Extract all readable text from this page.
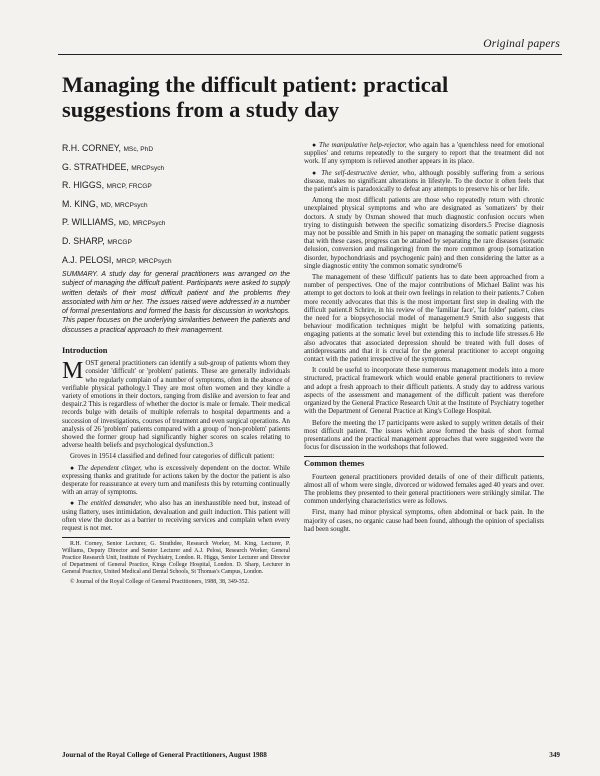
Original papers
Managing the difficult patient: practical suggestions from a study day
R.H. CORNEY, MSc, PhD
G. STRATHDEE, MRCPsych
R. HIGGS, MRCP, FRCGP
M. KING, MD, MRCPsych
P. WILLIAMS, MD, MRCPsych
D. SHARP, MRCGP
A.J. PELOSI, MRCP, MRCPsych

SUMMARY. A study day for general practitioners was arranged on the subject of managing the difficult patient. Participants were asked to supply written details of their most difficult patient and the problems they associated with him or her. The issues raised were addressed in a number of formal presentations and formed the basis for discussion in workshops. This paper focuses on the underlying similarities between the patients and discusses a practical approach to their management.

Introduction

MOST general practitioners can identify a sub-group of patients whom they consider 'difficult' or 'problem' patients. These are generally individuals who regularly complain of a number of symptoms, often in the absence of verifiable physical pathology.1 They are most often women and they kindle a variety of emotions in their doctors, ranging from dislike and aversion to fear and despair.2 This is regardless of whether the doctor is male or female. Their medical records bulge with details of multiple referrals to hospital departments and a succession of investigations, courses of treatment and even surgical operations. An analysis of 26 'problem' patients compared with a group of 'non-problem' patients showed the former group had significantly higher scores on scales relating to adverse health beliefs and psychological dysfunction.3

Groves in 19514 classified and defined four categories of difficult patient:

● The dependent clinger, who is excessively dependent on the doctor. While expressing thanks and gratitude for actions taken by the doctor the patient is also desperate for reassurance at every turn and manifests this by returning continually with an array of symptoms.

● The entitled demander, who also has an inexhaustible need but, instead of using flattery, uses intimidation, devaluation and guilt induction. This patient will often view the doctor as a barrier to receiving services and complain when every request is not met.

R.H. Corney, Senior Lecturer, G. Strathdee, Research Worker, M. King, Lecturer, P. Williams, Deputy Director and Senior Lecturer and A.J. Pelosi, Research Worker, General Practice Research Unit, Institute of Psychiatry, London. R. Higgs, Senior Lecturer and Director of Department of General Practice, Kings College Hospital, London. D. Sharp, Lecturer in General Practice, United Medical and Dental Schools, St Thomas's Campus, London.

© Journal of the Royal College of General Practitioners, 1988, 38, 349-352.

● The manipulative help-rejector, who again has a 'quenchless need for emotional supplies' and returns repeatedly to the surgery to report that the treatment did not work. If any symptom is relieved another appears in its place.

● The self-destructive denier, who, although possibly suffering from a serious disease, makes no significant alterations in lifestyle. To the doctor it often feels that the patient's aim is paradoxically to defeat any attempts to preserve his or her life.

Among the most difficult patients are those who repeatedly return with chronic unexplained physical symptoms and who are designated as 'somatizers' by their doctors. A study by Oxman showed that much diagnostic confusion occurs when trying to distinguish between the specific somatizing disorders.5 Precise diagnosis may not be possible and Smith in his paper on managing the somatic patient suggests that with these cases, progress can be attained by separating the rare diseases (somatic delusion, conversion and malingering) from the more common group (somatization disorder, hypochondriasis and psychogenic pain) and then considering the latter as a single diagnostic entity 'the common somatic syndrome'6

The management of these 'difficult' patients has to date been approached from a number of perspectives. One of the major contributions of Michael Balint was his attempt to get doctors to look at their own feelings in relation to their patients.7 Cohen more recently advocates that this is the most important first step in dealing with the difficult patient.8 Schrire, in his review of the 'familiar face', 'fat folder' patient, cites the need for a biopsychosocial model of management.9 Smith also suggests that behaviour modification techniques might be helpful with somatizing patients, engaging patients at the somatic level but extending this to include life stresses.6 He also advocates that associated depression should be treated with full doses of antidepressants and that it is crucial for the general practitioner to accept ongoing contact with the patient irrespective of the symptoms.

It could be useful to incorporate these numerous management models into a more structured, practical framework which would enable general practitioners to review and adopt a fresh approach to their difficult patients. A study day to address various aspects of the assessment and management of the difficult patient was therefore organized by the General Practice Research Unit at the Institute of Psychiatry together with the Department of General Practice at King's College Hospital.

Before the meeting the 17 participants were asked to supply written details of their most difficult patient. The issues which arose formed the basis of short formal presentations and the practical management approaches that were suggested were the focus for discussion in the workshops that followed.

Common themes

Fourteen general practitioners provided details of one of their difficult patients, almost all of whom were single, divorced or widowed females aged 40 years and over. The problems they presented to their general practitioners were strikingly similar. The common underlying characteristics were as follows.

First, many had minor physical symptoms, often abdominal or back pain. In the majority of cases, no organic cause had been found, although the opinion of specialists had been sought.

Journal of the Royal College of General Practitioners, August 1988	349
